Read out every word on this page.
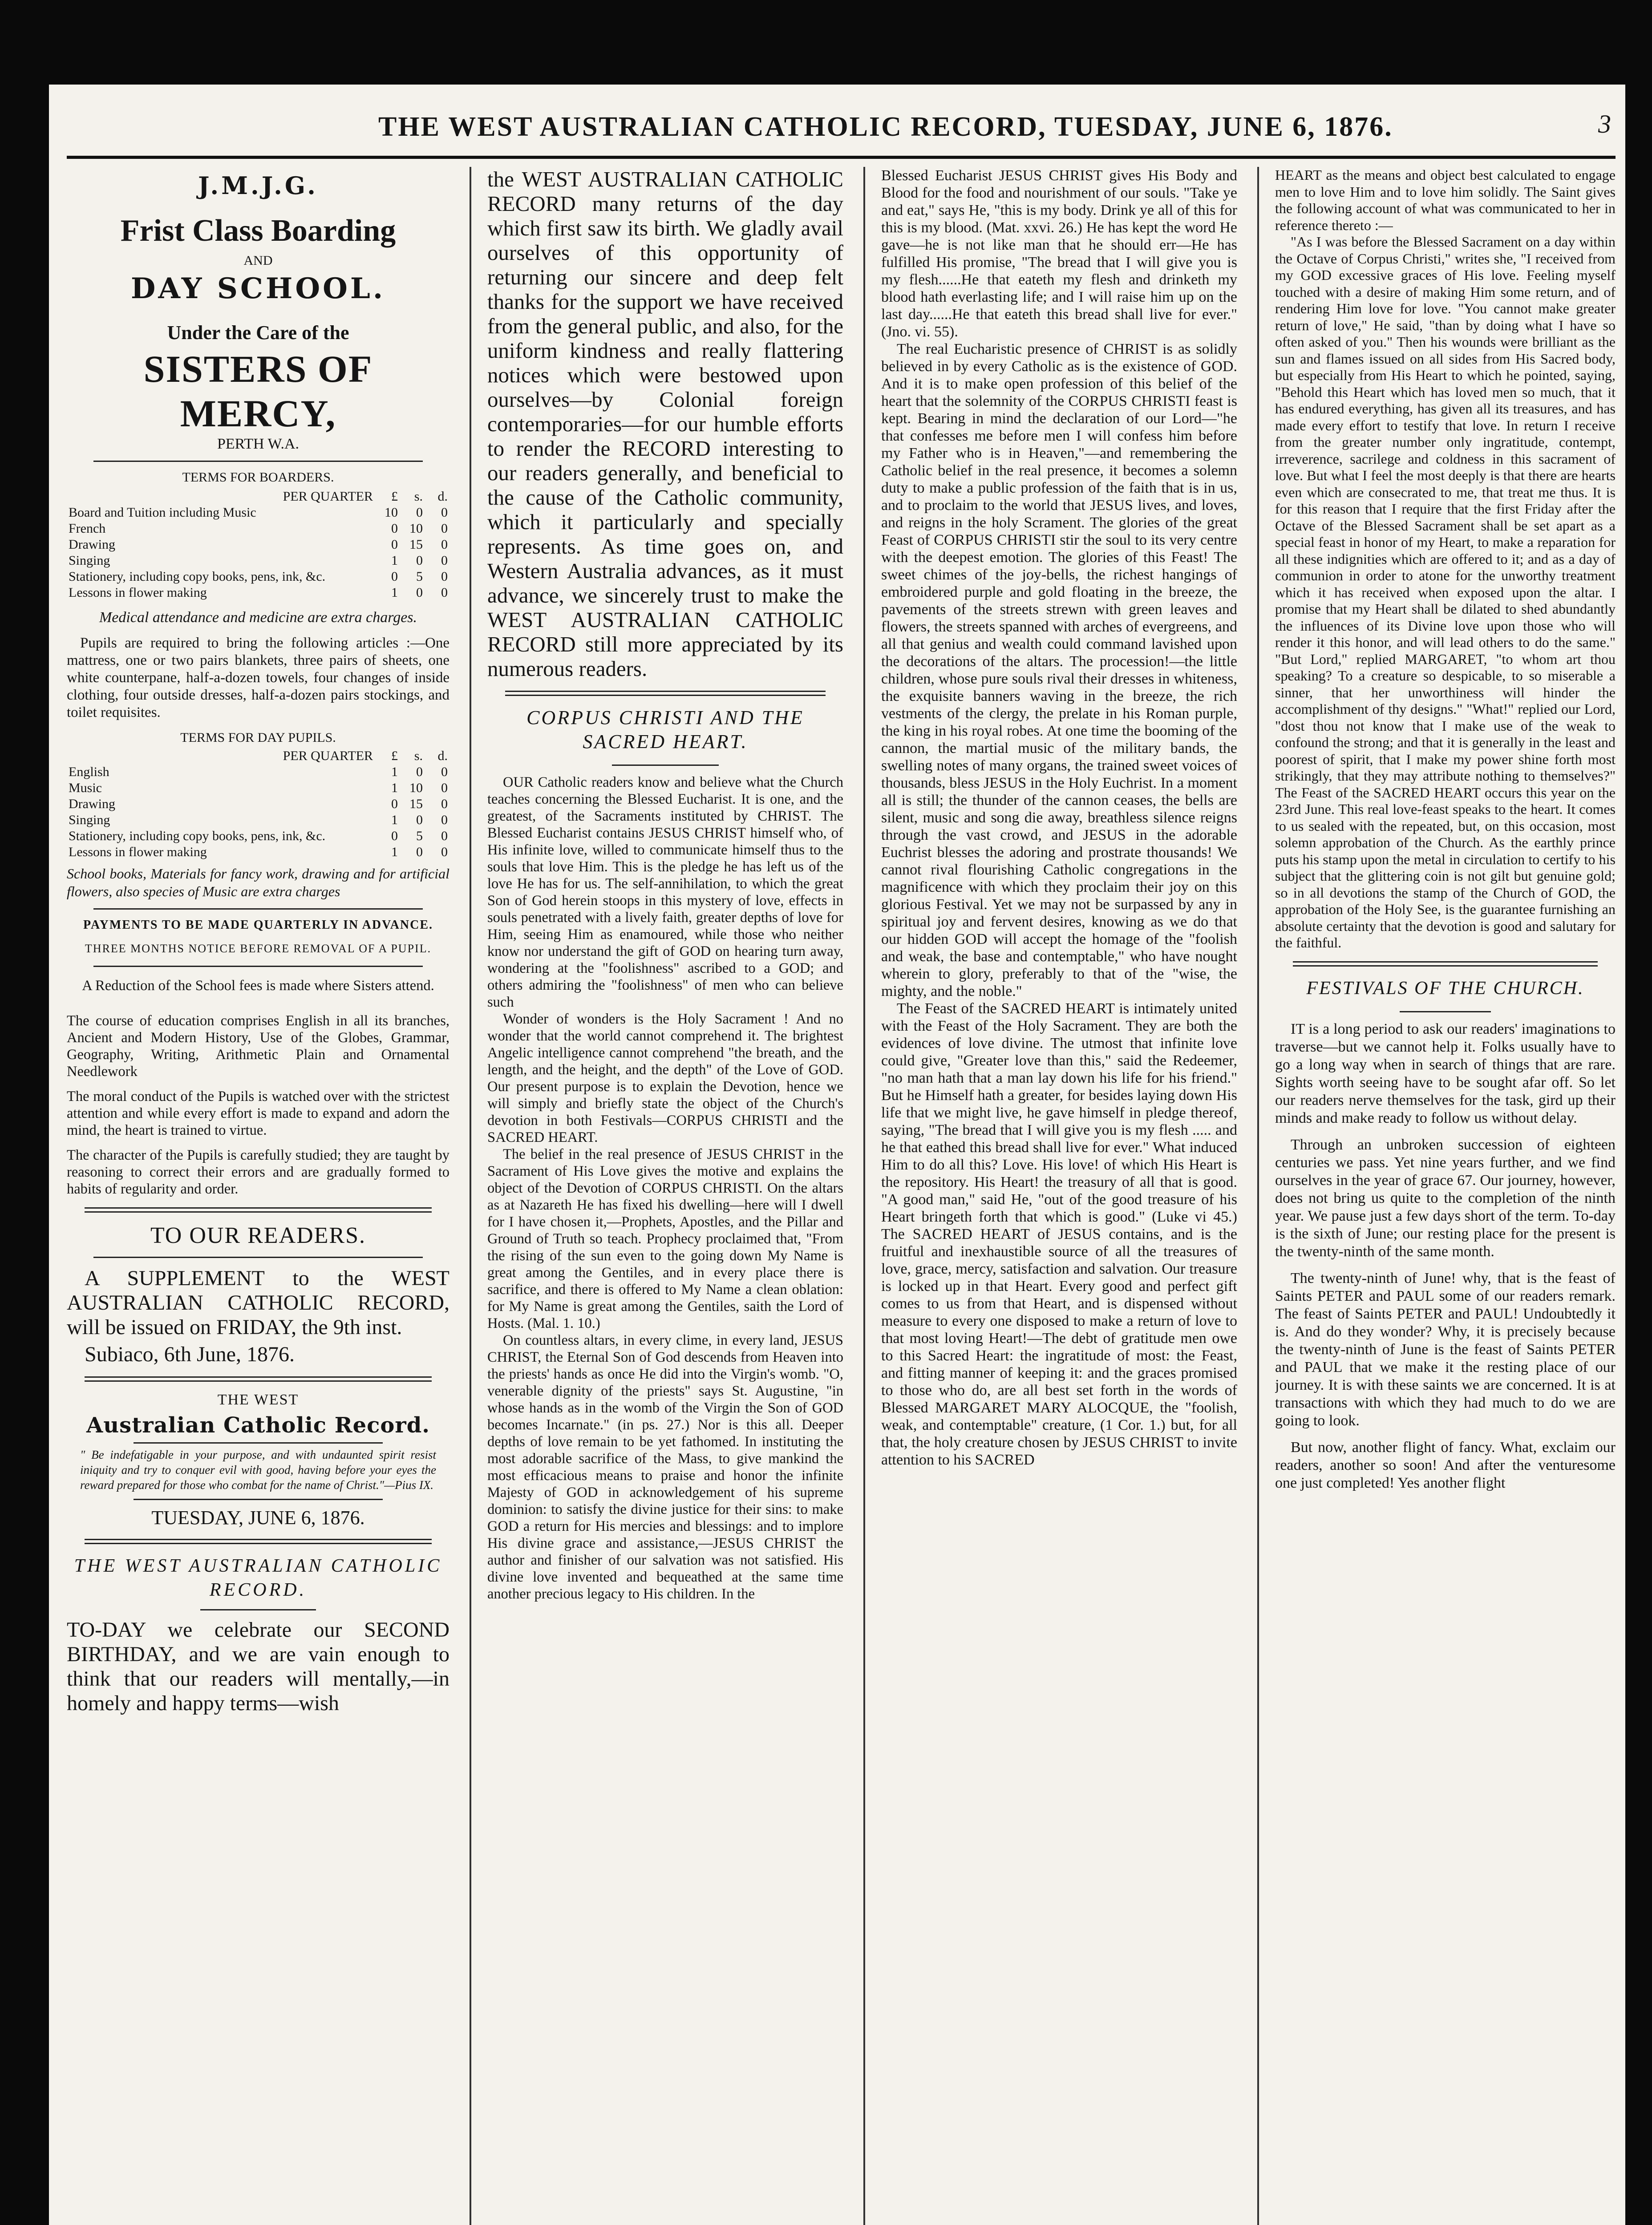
THE WEST AUSTRALIAN CATHOLIC RECORD, TUESDAY, JUNE 6, 1876.	3
J.M.J.G.
Frist Class Boarding
AND
DAY SCHOOL.
Under the Care of the
SISTERS OF MERCY,
PERTH W.A.
TERMS FOR BOARDERS.
PER QUARTER	£	s.	d.
Board and Tuition including Music	10	0	0
French	0	10	0
Drawing	0	15	0
Singing	1	0	0
Stationery, including copy books, pens, ink, &c.	0	5	0
Lessons in flower making	1	0	0

Medical attendance and medicine are extra charges.

Pupils are required to bring the following articles :—One mattress, one or two pairs blankets, three pairs of sheets, one white counterpane, half-a-dozen towels, four changes of inside clothing, four outside dresses, half-a-dozen pairs stockings, and toilet requisites.

TERMS FOR DAY PUPILS.
PER QUARTER	£	s.	d.
English	1	0	0
Music	1	10	0
Drawing	0	15	0
Singing	1	0	0
Stationery, including copy books, pens, ink, &c.	0	5	0
Lessons in flower making	1	0	0

School books, Materials for fancy work, drawing and for artificial flowers, also species of Music are extra charges

PAYMENTS TO BE MADE QUARTERLY IN ADVANCE.

THREE MONTHS NOTICE BEFORE REMOVAL OF A PUPIL.

A Reduction of the School fees is made where Sisters attend.

The course of education comprises English in all its branches, Ancient and Modern History, Use of the Globes, Grammar, Geography, Writing, Arithmetic Plain and Ornamental Needlework

The moral conduct of the Pupils is watched over with the strictest attention and while every effort is made to expand and adorn the mind, the heart is trained to virtue.

The character of the Pupils is carefully studied; they are taught by reasoning to correct their errors and are gradually formed to habits of regularity and order.

TO OUR READERS.

A SUPPLEMENT to the WEST AUSTRALIAN CATHOLIC RECORD, will be issued on FRIDAY, the 9th inst.

Subiaco, 6th June, 1876.

THE WEST
Australian Catholic Record.

" Be indefatigable in your purpose, and with undaunted spirit resist iniquity and try to conquer evil with good, having before your eyes the reward prepared for those who combat for the name of Christ."—Pius IX.

TUESDAY, JUNE 6, 1876.

THE WEST AUSTRALIAN CATHOLIC RECORD.

TO-DAY we celebrate our SECOND BIRTHDAY, and we are vain enough to think that our readers will mentally,—in homely and happy terms—wish

the WEST AUSTRALIAN CATHOLIC RECORD many returns of the day which first saw its birth. We gladly avail ourselves of this opportunity of returning our sincere and deep felt thanks for the support we have received from the general public, and also, for the uniform kindness and really flattering notices which were bestowed upon ourselves—by Colonial foreign contemporaries—for our humble efforts to render the RECORD interesting to our readers generally, and beneficial to the cause of the Catholic community, which it particularly and specially represents. As time goes on, and Western Australia advances, as it must advance, we sincerely trust to make the WEST AUSTRALIAN CATHOLIC RECORD still more appreciated by its numerous readers.

CORPUS CHRISTI AND THE SACRED HEART.

OUR Catholic readers know and believe what the Church teaches concerning the Blessed Eucharist. It is one, and the greatest, of the Sacraments instituted by CHRIST. The Blessed Eucharist contains JESUS CHRIST himself who, of His infinite love, willed to communicate himself thus to the souls that love Him. This is the pledge he has left us of the love He has for us. The self-annihilation, to which the great Son of God herein stoops in this mystery of love, effects in souls penetrated with a lively faith, greater depths of love for Him, seeing Him as enamoured, while those who neither know nor understand the gift of GOD on hearing turn away, wondering at the "foolishness" ascribed to a GOD; and others admiring the "foolishness" of men who can believe such

Wonder of wonders is the Holy Sacrament ! And no wonder that the world cannot comprehend it. The brightest Angelic intelligence cannot comprehend "the breath, and the length, and the height, and the depth" of the Love of GOD. Our present purpose is to explain the Devotion, hence we will simply and briefly state the object of the Church's devotion in both Festivals—CORPUS CHRISTI and the SACRED HEART.

The belief in the real presence of JESUS CHRIST in the Sacrament of His Love gives the motive and explains the object of the Devotion of CORPUS CHRISTI. On the altars as at Nazareth He has fixed his dwelling—here will I dwell for I have chosen it,—Prophets, Apostles, and the Pillar and Ground of Truth so teach. Prophecy proclaimed that, "From the rising of the sun even to the going down My Name is great among the Gentiles, and in every place there is sacrifice, and there is offered to My Name a clean oblation: for My Name is great among the Gentiles, saith the Lord of Hosts. (Mal. 1. 10.)

On countless altars, in every clime, in every land, JESUS CHRIST, the Eternal Son of God descends from Heaven into the priests' hands as once He did into the Virgin's womb. "O, venerable dignity of the priests" says St. Augustine, "in whose hands as in the womb of the Virgin the Son of GOD becomes Incarnate." (in ps. 27.) Nor is this all. Deeper depths of love remain to be yet fathomed. In instituting the most adorable sacrifice of the Mass, to give mankind the most efficacious means to praise and honor the infinite Majesty of GOD in acknowledgement of his supreme dominion: to satisfy the divine justice for their sins: to make GOD a return for His mercies and blessings: and to implore His divine grace and assistance,—JESUS CHRIST the author and finisher of our salvation was not satisfied. His divine love invented and bequeathed at the same time another precious legacy to His children. In the

Blessed Eucharist JESUS CHRIST gives His Body and Blood for the food and nourishment of our souls. "Take ye and eat," says He, "this is my body. Drink ye all of this for this is my blood. (Mat. xxvi. 26.) He has kept the word He gave—he is not like man that he should err—He has fulfilled His promise, "The bread that I will give you is my flesh......He that eateth my flesh and drinketh my blood hath everlasting life; and I will raise him up on the last day......He that eateth this bread shall live for ever." (Jno. vi. 55).

The real Eucharistic presence of CHRIST is as solidly believed in by every Catholic as is the existence of GOD. And it is to make open profession of this belief of the heart that the solemnity of the CORPUS CHRISTI feast is kept. Bearing in mind the declaration of our Lord—"he that confesses me before men I will confess him before my Father who is in Heaven,"—and remembering the Catholic belief in the real presence, it becomes a solemn duty to make a public profession of the faith that is in us, and to proclaim to the world that JESUS lives, and loves, and reigns in the holy Scrament. The glories of the great Feast of CORPUS CHRISTI stir the soul to its very centre with the deepest emotion. The glories of this Feast! The sweet chimes of the joy-bells, the richest hangings of embroidered purple and gold floating in the breeze, the pavements of the streets strewn with green leaves and flowers, the streets spanned with arches of evergreens, and all that genius and wealth could command lavished upon the decorations of the altars. The procession!—the little children, whose pure souls rival their dresses in whiteness, the exquisite banners waving in the breeze, the rich vestments of the clergy, the prelate in his Roman purple, the king in his royal robes. At one time the booming of the cannon, the martial music of the military bands, the swelling notes of many organs, the trained sweet voices of thousands, bless JESUS in the Holy Euchrist. In a moment all is still; the thunder of the cannon ceases, the bells are silent, music and song die away, breathless silence reigns through the vast crowd, and JESUS in the adorable Euchrist blesses the adoring and prostrate thousands! We cannot rival flourishing Catholic congregations in the magnificence with which they proclaim their joy on this glorious Festival. Yet we may not be surpassed by any in spiritual joy and fervent desires, knowing as we do that our hidden GOD will accept the homage of the "foolish and weak, the base and contemptable," who have nought wherein to glory, preferably to that of the "wise, the mighty, and the noble."

The Feast of the SACRED HEART is intimately united with the Feast of the Holy Sacrament. They are both the evidences of love divine. The utmost that infinite love could give, "Greater love than this," said the Redeemer, "no man hath that a man lay down his life for his friend." But he Himself hath a greater, for besides laying down His life that we might live, he gave himself in pledge thereof, saying, "The bread that I will give you is my flesh ..... and he that eathed this bread shall live for ever." What induced Him to do all this? Love. His love! of which His Heart is the repository. His Heart! the treasury of all that is good. "A good man," said He, "out of the good treasure of his Heart bringeth forth that which is good." (Luke vi 45.) The SACRED HEART of JESUS contains, and is the fruitful and inexhaustible source of all the treasures of love, grace, mercy, satisfaction and salvation. Our treasure is locked up in that Heart. Every good and perfect gift comes to us from that Heart, and is dispensed without measure to every one disposed to make a return of love to that most loving Heart!—The debt of gratitude men owe to this Sacred Heart: the ingratitude of most: the Feast, and fitting manner of keeping it: and the graces promised to those who do, are all best set forth in the words of Blessed MARGARET MARY ALOCQUE, the "foolish, weak, and contemptable" creature, (1 Cor. 1.) but, for all that, the holy creature chosen by JESUS CHRIST to invite attention to his SACRED

HEART as the means and object best calculated to engage men to love Him and to love him solidly. The Saint gives the following account of what was communicated to her in reference thereto :—

"As I was before the Blessed Sacrament on a day within the Octave of Corpus Christi," writes she, "I received from my GOD excessive graces of His love. Feeling myself touched with a desire of making Him some return, and of rendering Him love for love. "You cannot make greater return of love," He said, "than by doing what I have so often asked of you." Then his wounds were brilliant as the sun and flames issued on all sides from His Sacred body, but especially from His Heart to which he pointed, saying, "Behold this Heart which has loved men so much, that it has endured everything, has given all its treasures, and has made every effort to testify that love. In return I receive from the greater number only ingratitude, contempt, irreverence, sacrilege and coldness in this sacrament of love. But what I feel the most deeply is that there are hearts even which are consecrated to me, that treat me thus. It is for this reason that I require that the first Friday after the Octave of the Blessed Sacrament shall be set apart as a special feast in honor of my Heart, to make a reparation for all these indignities which are offered to it; and as a day of communion in order to atone for the unworthy treatment which it has received when exposed upon the altar. I promise that my Heart shall be dilated to shed abundantly the influences of its Divine love upon those who will render it this honor, and will lead others to do the same." "But Lord," replied MARGARET, "to whom art thou speaking? To a creature so despicable, to so miserable a sinner, that her unworthiness will hinder the accomplishment of thy designs." "What!" replied our Lord, "dost thou not know that I make use of the weak to confound the strong; and that it is generally in the least and poorest of spirit, that I make my power shine forth most strikingly, that they may attribute nothing to themselves?" The Feast of the SACRED HEART occurs this year on the 23rd June. This real love-feast speaks to the heart. It comes to us sealed with the repeated, but, on this occasion, most solemn approbation of the Church. As the earthly prince puts his stamp upon the metal in circulation to certify to his subject that the glittering coin is not gilt but genuine gold; so in all devotions the stamp of the Church of GOD, the approbation of the Holy See, is the guarantee furnishing an absolute certainty that the devotion is good and salutary for the faithful.

FESTIVALS OF THE CHURCH.

IT is a long period to ask our readers' imaginations to traverse—but we cannot help it. Folks usually have to go a long way when in search of things that are rare. Sights worth seeing have to be sought afar off. So let our readers nerve themselves for the task, gird up their minds and make ready to follow us without delay.

Through an unbroken succession of eighteen centuries we pass. Yet nine years further, and we find ourselves in the year of grace 67. Our journey, however, does not bring us quite to the completion of the ninth year. We pause just a few days short of the term. To-day is the sixth of June; our resting place for the present is the twenty-ninth of the same month.

The twenty-ninth of June! why, that is the feast of Saints PETER and PAUL some of our readers remark. The feast of Saints PETER and PAUL! Undoubtedly it is. And do they wonder? Why, it is precisely because the twenty-ninth of June is the feast of Saints PETER and PAUL that we make it the resting place of our journey. It is with these saints we are concerned. It is at transactions with which they had much to do we are going to look.

But now, another flight of fancy. What, exclaim our readers, another so soon! And after the venturesome one just completed! Yes another flight
